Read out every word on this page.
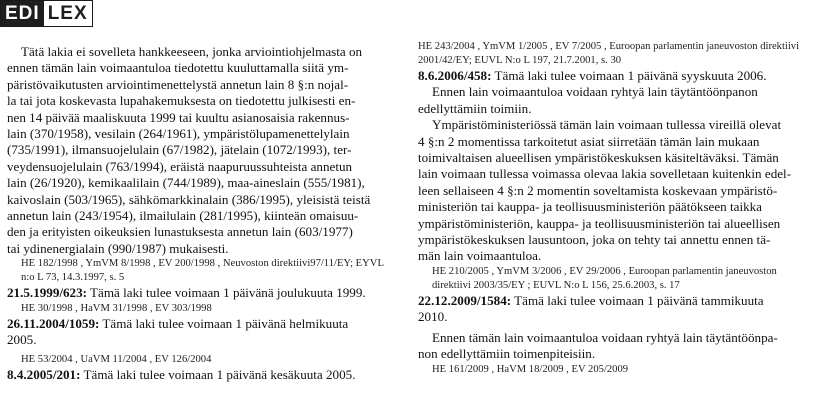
EDI LEX
Tätä lakia ei sovelleta hankkeeseen, jonka arviointiohjelmasta on
ennen tämän lain voimaantuloa tiedotettu kuuluttamalla siitä ym-
päristövaikutusten arviointimenettelystä annetun lain 8 §:n nojal-
la tai jota koskevasta lupahakemuksesta on tiedotettu julkisesti en-
nen 14 päivää maaliskuuta 1999 tai kuultu asianosaisia rakennus-
lain (370/1958), vesilain (264/1961), ympäristölupamenettelylain
(735/1991), ilmansuojelulain (67/1982), jätelain (1072/1993), ter-
veydensuojelulain (763/1994), eräistä naapuruussuhteista annetun
lain (26/1920), kemikaalilain (744/1989), maa-aineslain (555/1981),
kaivoslain (503/1965), sähkömarkkinalain (386/1995), yleisistä teistä
annetun lain (243/1954), ilmailulain (281/1995), kiinteän omaisuu-
den ja erityisten oikeuksien lunastuksesta annetun lain (603/1977)
tai ydinenergialain (990/1987) mukaisesti.
HE 182/1998 , YmVM 8/1998 , EV 200/1998 , Neuvoston direktiivi97/11/EY; EYVL n:o L 73, 14.3.1997, s. 5
21.5.1999/623: Tämä laki tulee voimaan 1 päivänä joulukuuta 1999.
HE 30/1998 , HaVM 31/1998 , EV 303/1998
26.11.2004/1059: Tämä laki tulee voimaan 1 päivänä helmikuuta
2005.
HE 53/2004 , UaVM 11/2004 , EV 126/2004
8.4.2005/201: Tämä laki tulee voimaan 1 päivänä kesäkuuta 2005.
HE 243/2004 , YmVM 1/2005 , EV 7/2005 , Euroopan parlamentin janeuvoston direktiivi 2001/42/EY; EUVL N:o L 197, 21.7.2001, s. 30
8.6.2006/458: Tämä laki tulee voimaan 1 päivänä syyskuuta 2006.
Ennen lain voimaantuloa voidaan ryhtyä lain täytäntöönpanon
edellyttämiin toimiin.
Ympäristöministeriössä tämän lain voimaan tullessa vireillä olevat
4 §:n 2 momentissa tarkoitetut asiat siirretään tämän lain mukaan
toimivaltaisen alueellisen ympäristökeskuksen käsiteltäväksi. Tämän
lain voimaan tullessa voimassa olevaa lakia sovelletaan kuitenkin edel-
leen sellaiseen 4 §:n 2 momentin soveltamista koskevaan ympäristö-
ministeriön tai kauppa- ja teollisuusministeriön päätökseen taikka
ympäristöministeriön, kauppa- ja teollisuusministeriön tai alueellisen
ympäristökeskuksen lausuntoon, joka on tehty tai annettu ennen tä-
män lain voimaantuloa.
HE 210/2005 , YmVM 3/2006 , EV 29/2006 , Euroopan parlamentin janeuvoston direktiivi 2003/35/EY ; EUVL N:o L 156, 25.6.2003, s. 17
22.12.2009/1584: Tämä laki tulee voimaan 1 päivänä tammikuuta
2010.
Ennen tämän lain voimaantuloa voidaan ryhtyä lain täytäntöönpa-
non edellyttämiin toimenpiteisiin.
HE 161/2009 , HaVM 18/2009 , EV 205/2009
